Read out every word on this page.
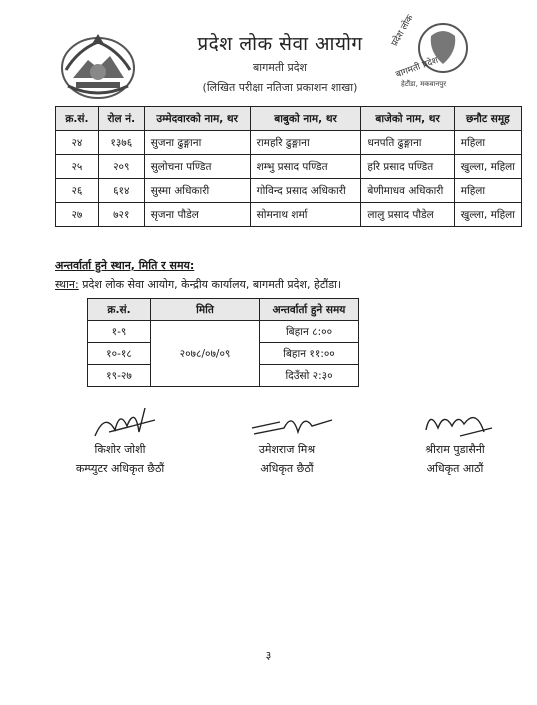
प्रदेश लोक सेवा आयोग
बागमती प्रदेश
(लिखित परीक्षा नतिजा प्रकाशन शाखा)
प्रदेश लोक
बागमती प्रदेश
हेटौंडा, मकवानपुर
क्र.सं.	रोल नं.	उम्मेदवारको नाम, थर	बाबुको नाम, थर	बाजेको नाम, थर	छनौट समूह
२४	१३७६	सुजना ढुङ्गाना	रामहरि ढुङ्गाना	धनपति ढुङ्गाना	महिला
२५	२०९	सुलोचना पण्डित	शम्भु प्रसाद पण्डित	हरि प्रसाद पण्डित	खुल्ला, महिला
२६	६१४	सुस्मा अधिकारी	गोविन्द प्रसाद अधिकारी	बेणीमाधव अधिकारी	महिला
२७	७२१	सृजना पौडेल	सोमनाथ शर्मा	लालु प्रसाद पौडेल	खुल्ला, महिला
अन्तर्वार्ता हुने स्थान, मिति र समय:
स्थान: प्रदेश लोक सेवा आयोग, केन्द्रीय कार्यालय, बागमती प्रदेश, हेटौंडा।
क्र.सं.	मिति	अन्तर्वार्ता हुने समय
१-९	२०७८/०७/०९	बिहान ८:००
१०-१८		बिहान ११:००
१९-२७		दिउँसो २:३०
किशोर जोशी
कम्प्युटर अधिकृत छैठौं
उमेशराज मिश्र
अधिकृत छैठौं
श्रीराम पुडासैनी
अधिकृत आठौं
३
